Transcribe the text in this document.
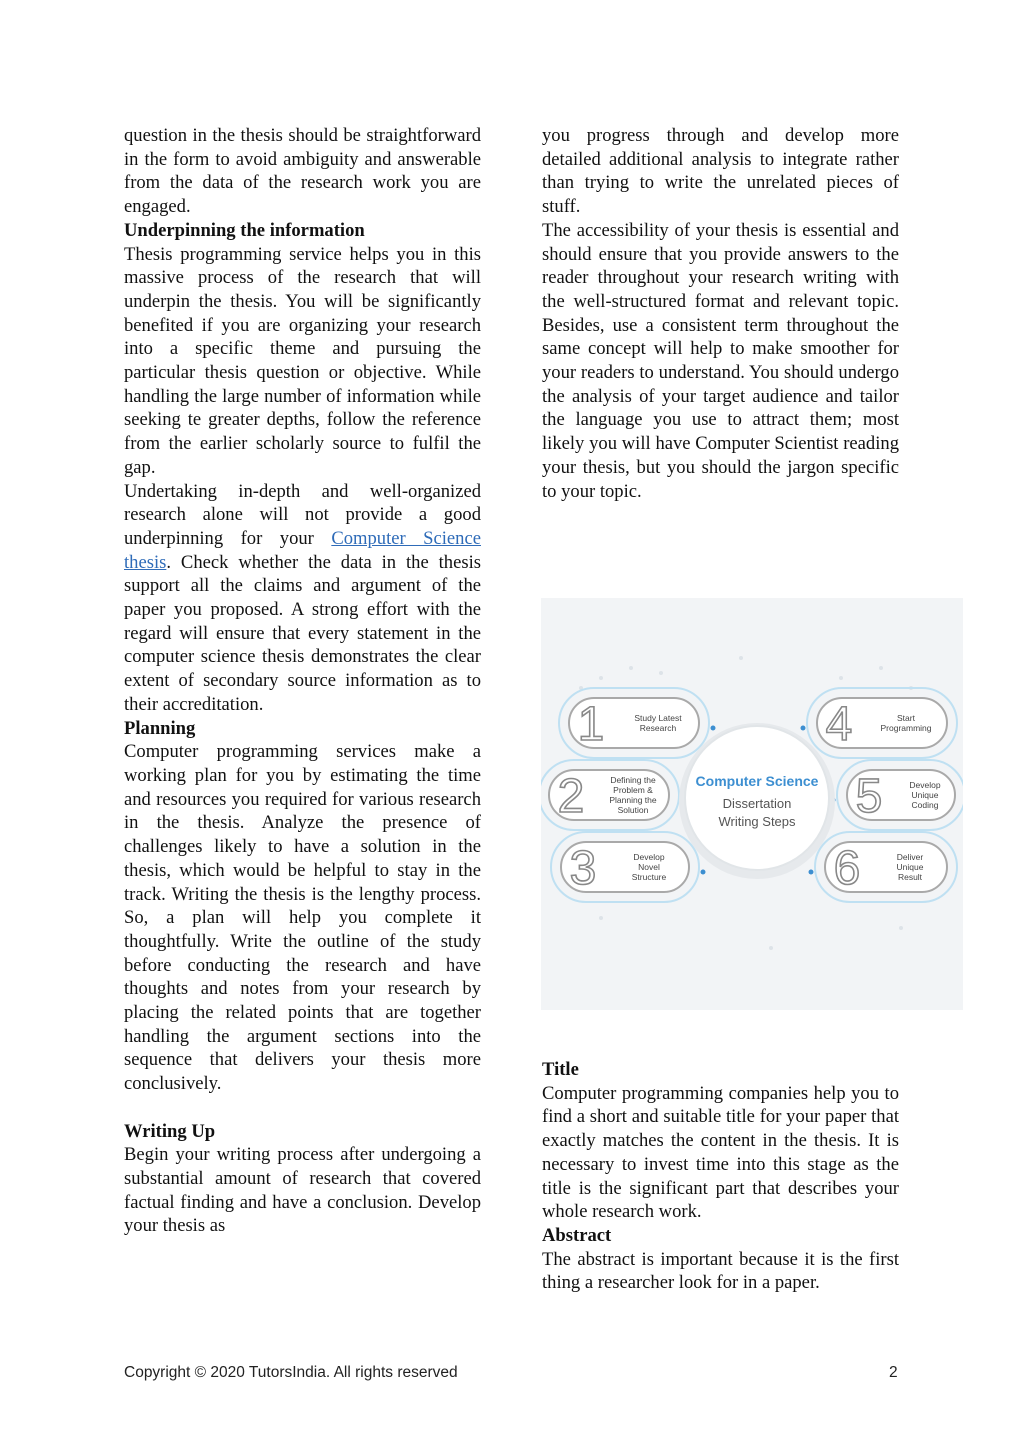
question in the thesis should be straightforward in the form to avoid ambiguity and answerable from the data of the research work you are engaged.

Underpinning the information

Thesis programming service helps you in this massive process of the research that will underpin the thesis. You will be significantly benefited if you are organizing your research into a specific theme and pursuing the particular thesis question or objective. While handling the large number of information while seeking te greater depths, follow the reference from the earlier scholarly source to fulfil the gap.

Undertaking in-depth and well-organized research alone will not provide a good underpinning for your Computer Science thesis. Check whether the data in the thesis support all the claims and argument of the paper you proposed. A strong effort with the regard will ensure that every statement in the computer science thesis demonstrates the clear extent of secondary source information as to their accreditation.

Planning

Computer programming services make a working plan for you by estimating the time and resources you required for various research in the thesis. Analyze the presence of challenges likely to have a solution in the thesis, which would be helpful to stay in the track. Writing the thesis is the lengthy process. So, a plan will help you complete it thoughtfully. Write the outline of the study before conducting the research and have thoughts and notes from your research by placing the related points that are together handling the argument sections into the sequence that delivers your thesis more conclusively.

Writing Up

Begin your writing process after undergoing a substantial amount of research that covered factual finding and have a conclusion. Develop your thesis as

you progress through and develop more detailed additional analysis to integrate rather than trying to write the unrelated pieces of stuff.

The accessibility of your thesis is essential and should ensure that you provide answers to the reader throughout your research writing with the well-structured format and relevant topic. Besides, use a consistent term throughout the same concept will help to make smoother for your readers to understand. You should undergo the analysis of your target audience and tailor the language you use to attract them; most likely you will have Computer Scientist reading your thesis, but you should the jargon specific to your topic.

1	Study Latest
Research
2	Defining the
Problem &
Planning the
Solution
3	Develop
Novel
Structure
4	Start
Programming
5	Develop
Unique
Coding
6	Deliver
Unique
Result
Computer Science
Dissertation
Writing Steps
Title

Computer programming companies help you to find a short and suitable title for your paper that exactly matches the content in the thesis. It is necessary to invest time into this stage as the title is the significant part that describes your whole research work.

Abstract

The abstract is important because it is the first thing a researcher look for in a paper.

Copyright © 2020 TutorsIndia. All rights reserved	2
